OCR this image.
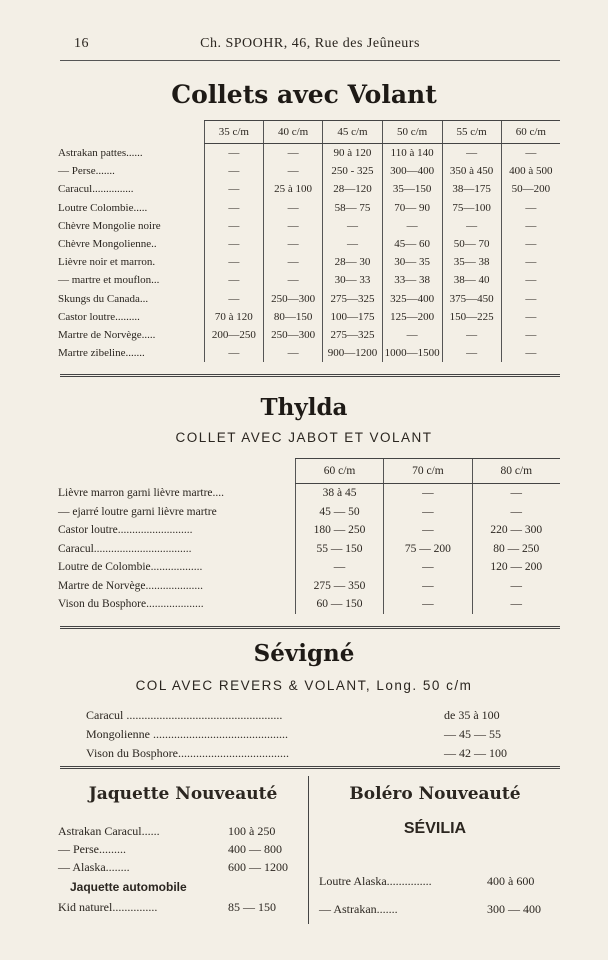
16	Ch. SPOOHR, 46, Rue des Jeûneurs
Collets avec Volant
	35 c/m	40 c/m	45 c/m	50 c/m	55 c/m	60 c/m
Astrakan pattes......	—	—	90 à 120	110 à 140	—	—
— Perse.......	—	—	250 - 325	300—400	350 à 450	400 à 500
Caracul...............	—	25 à 100	28—120	35—150	38—175	50—200
Loutre Colombie.....	—	—	58— 75	70— 90	75—100	—
Chèvre Mongolie noire	—	—	—	—	—	—
Chèvre Mongolienne..	—	—	—	45— 60	50— 70	—
Lièvre noir et marron.	—	—	28— 30	30— 35	35— 38	—
— martre et mouflon...	—	—	30— 33	33— 38	38— 40	—
Skungs du Canada...	—	250—300	275—325	325—400	375—450	—
Castor loutre.........	70 à 120	80—150	100—175	125—200	150—225	—
Martre de Norvège.....	200—250	250—300	275—325	—	—	—
Martre zibeline.......	—	—	900—1200	1000—1500	—	—
Thylda
COLLET AVEC JABOT ET VOLANT
	60 c/m	70 c/m	80 c/m
Lièvre marron garni lièvre martre....	38 à 45	—	—
— ejarré loutre garni lièvre martre	45 — 50	—	—
Castor loutre..........................	180 — 250	—	220 — 300
Caracul..................................	55 — 150	75 — 200	80 — 250
Loutre de Colombie..................	—	—	120 — 200
Martre de Norvège....................	275 — 350	—	—
Vison du Bosphore....................	60 — 150	—	—
Sévigné
COL AVEC REVERS & VOLANT, Long. 50 c/m
Caracul ....................................................	de 35 à 100
Mongolienne .............................................	— 45 — 55
Vison du Bosphore.....................................	— 42 — 100
Jaquette Nouveauté
Astrakan Caracul......	100 à 250
— Perse.........	400 — 800
— Alaska........	600 — 1200
Jaquette automobile
Kid naturel...............	85 — 150
Boléro Nouveauté
SÉVILIA
Loutre Alaska...............	400 à 600
— Astrakan.......	300 — 400
